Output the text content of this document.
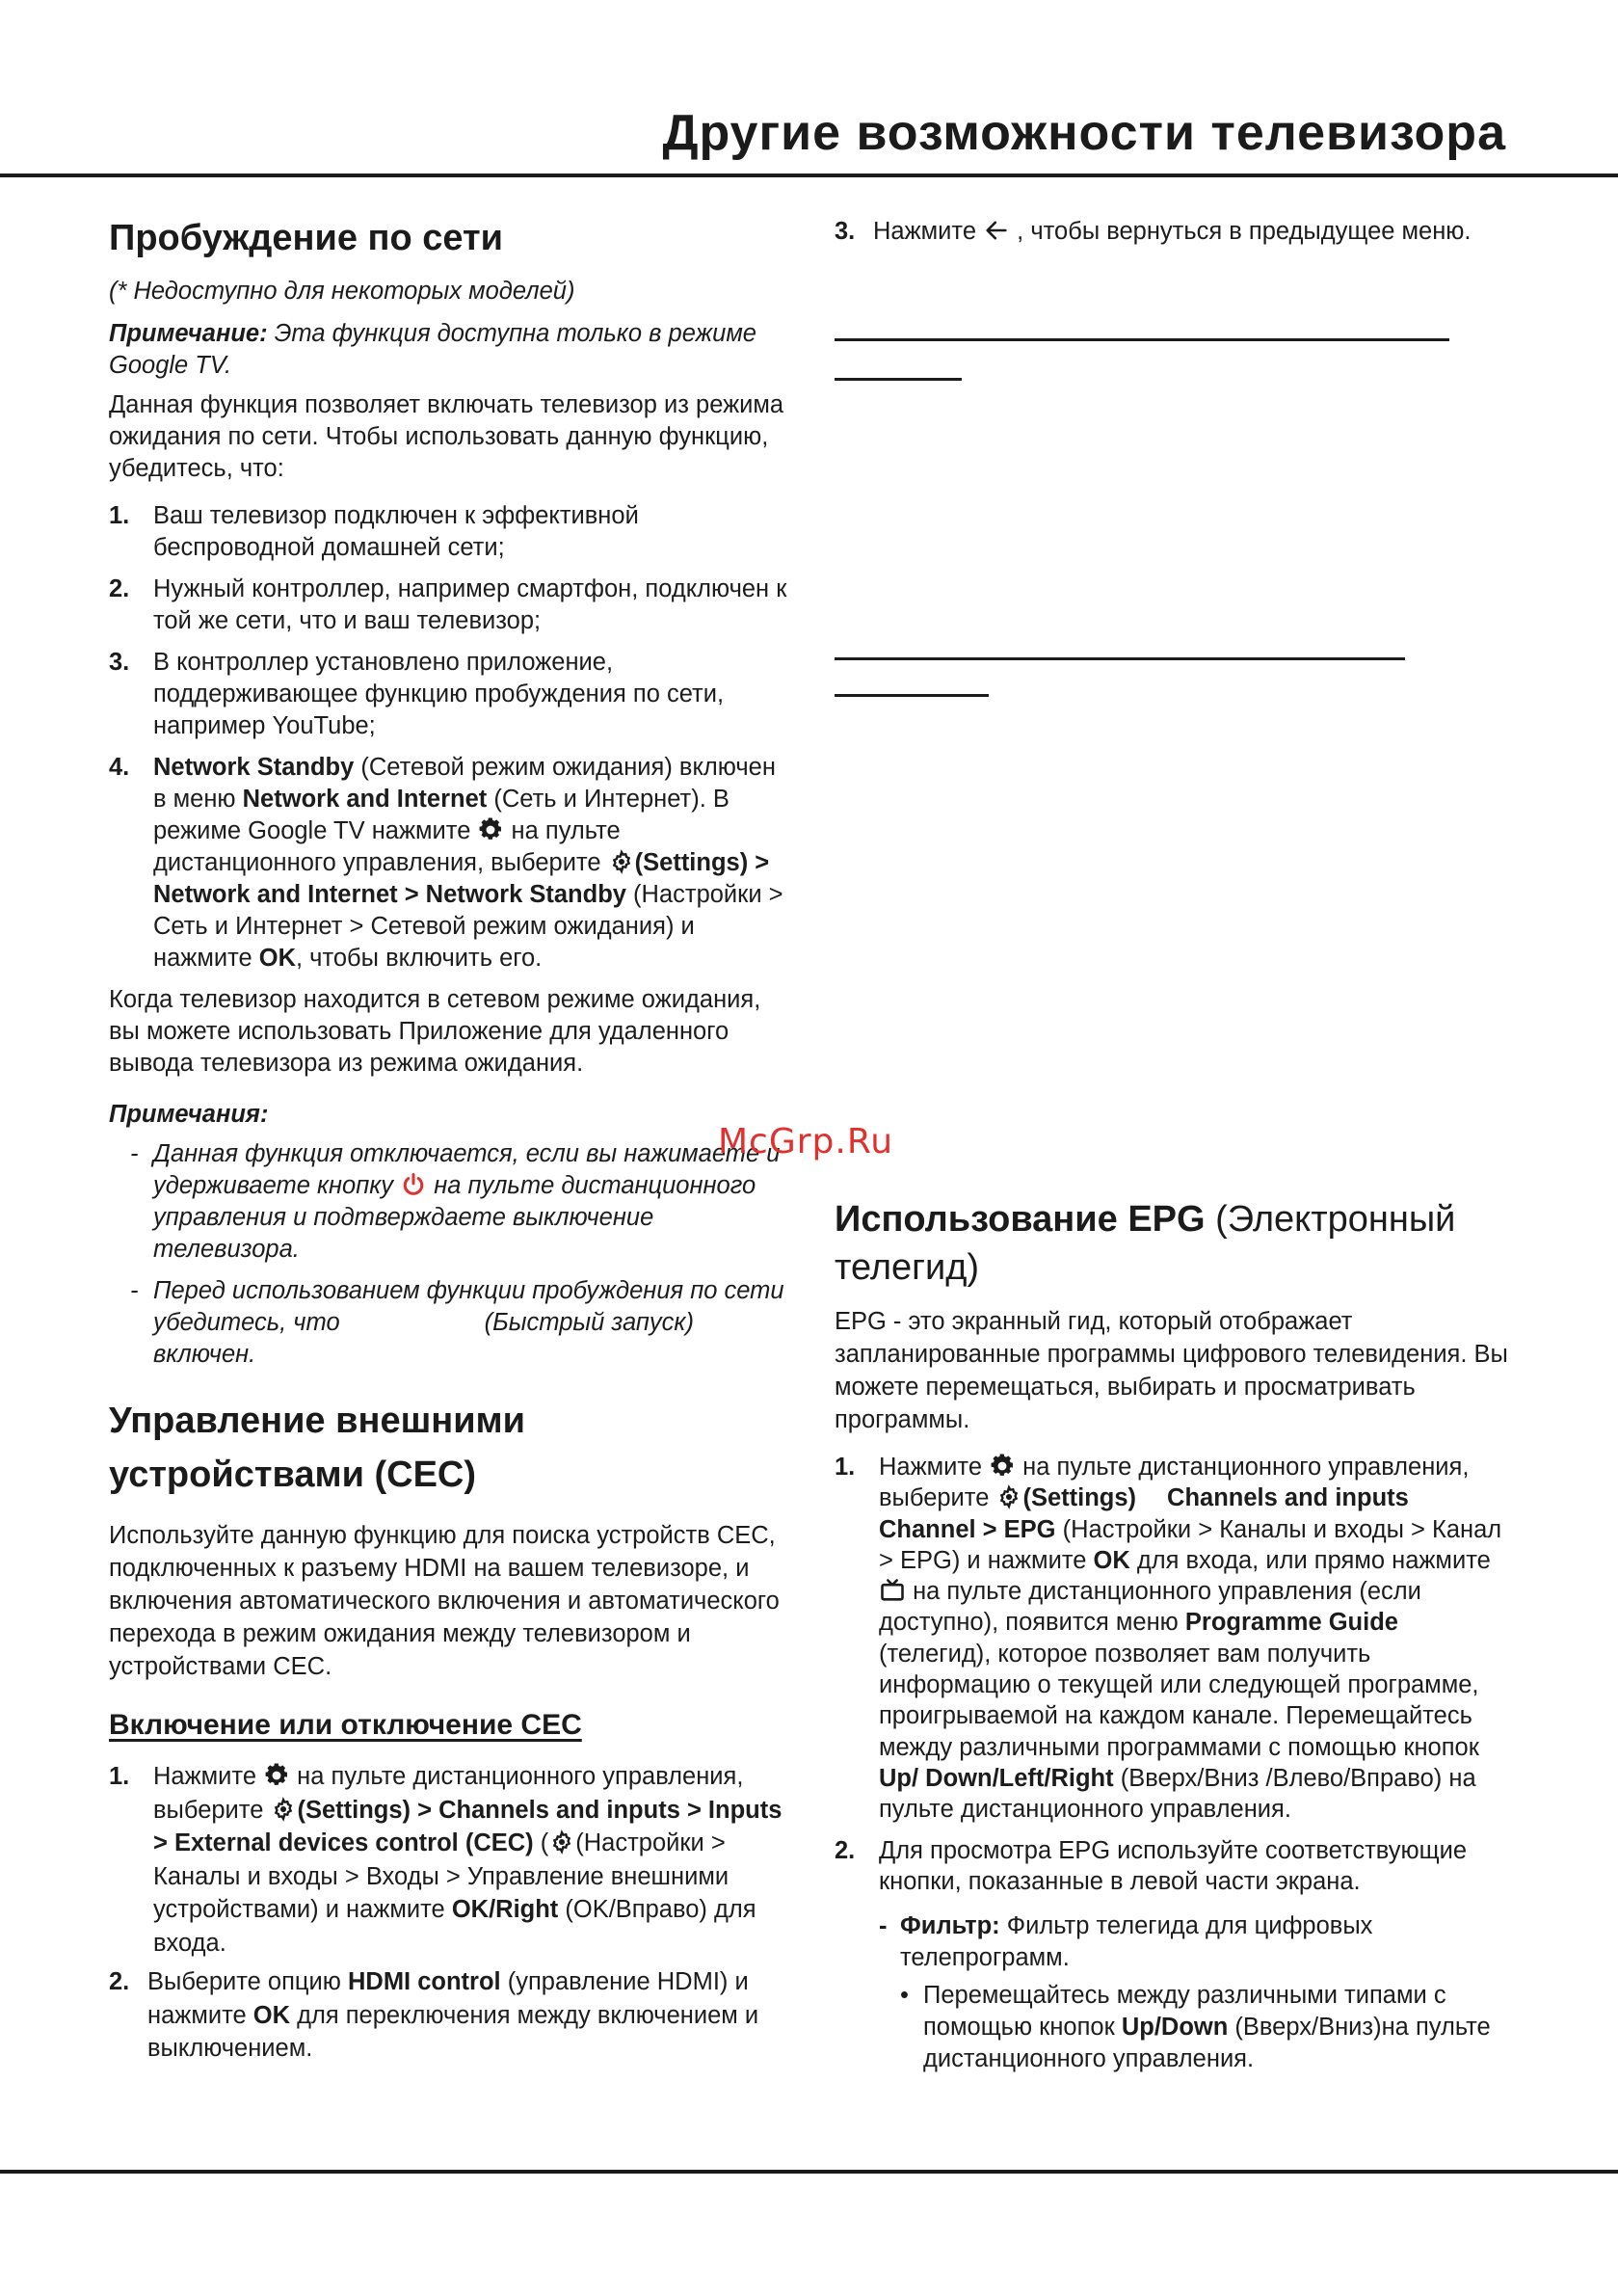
Другие возможности телевизора
Пробуждение по сети

(* Недоступно для некоторых моделей)

Примечание: Эта функция доступна только в режиме Google TV.

Данная функция позволяет включать телевизор из режима ожидания по сети. Чтобы использовать данную функцию, убедитесь, что:

1. Ваш телевизор подключен к эффективной беспроводной домашней сети;
2. Нужный контроллер, например смартфон, подключен к той же сети, что и ваш телевизор;
3. В контроллер установлено приложение, поддерживающее функцию пробуждения по сети, например YouTube;
4. Network Standby (Сетевой режим ожидания) включен в меню Network and Internet (Сеть и Интернет). В режиме Google TV нажмите
на пульте дистанционного управления, выберите
(Settings) > Network and Internet > Network Standby (Настройки > Сеть и Интернет > Сетевой режим ожидания) и нажмите OK, чтобы включить его.

Когда телевизор находится в сетевом режиме ожидания, вы можете использовать Приложение для удаленного вывода телевизора из режима ожидания.

Примечания:

- Данная функция отключается, если вы нажимаете и удерживаете кнопку
на пульте дистанционного управления и подтверждаете выключение телевизора.
- Перед использованием функции пробуждения по сети убедитесь, что	(Быстрый запуск) включен.
Управление внешними
устройствами (CEC)

Используйте данную функцию для поиска устройств CEC, подключенных к разъему HDMI на вашем телевизоре, и включения автоматического включения и автоматического перехода в режим ожидания между телевизором и устройствами CEC.

Включение или отключение CEC
1. Нажмите
на пульте дистанционного управления, выберите
(Settings) > Channels and inputs > Inputs > External devices control (CEC) ( (Настройки > Каналы и входы > Входы > Управление внешними устройствами) и нажмите OK/Right (OK/Вправо) для входа.
2. Выберите опцию HDMI control (управление HDMI) и нажмите OK для переключения между включением и выключением.
3. Нажмите
, чтобы вернуться в предыдущее меню.
McGrp.Ru
Использование EPG (Электронный телегид)

EPG - это экранный гид, который отображает запланированные программы цифрового телевидения. Вы можете перемещаться, выбирать и просматривать программы.

1. Нажмите
на пульте дистанционного управления, выберите
(Settings) Channels and inputsChannel > EPG (Настройки > Каналы и входы > Канал > EPG) и нажмите OK для входа, или прямо нажмите
на пульте дистанционного управления (если доступно), появится меню Programme Guide (телегид), которое позволяет вам получить информацию о текущей или следующей программе, проигрываемой на каждом канале. Перемещайтесь между различными программами с помощью кнопок Up/ Down/Left/Right (Вверх/Вниз /Влево/Вправо) на пульте дистанционного управления.
2. Для просмотра EPG используйте соответствующие кнопки, показанные в левой части экрана.
- Фильтр: Фильтр телегида для цифровых телепрограмм.
• Перемещайтесь между различными типами с помощью кнопок Up/Down (Вверх/Вниз)на пульте дистанционного управления.
